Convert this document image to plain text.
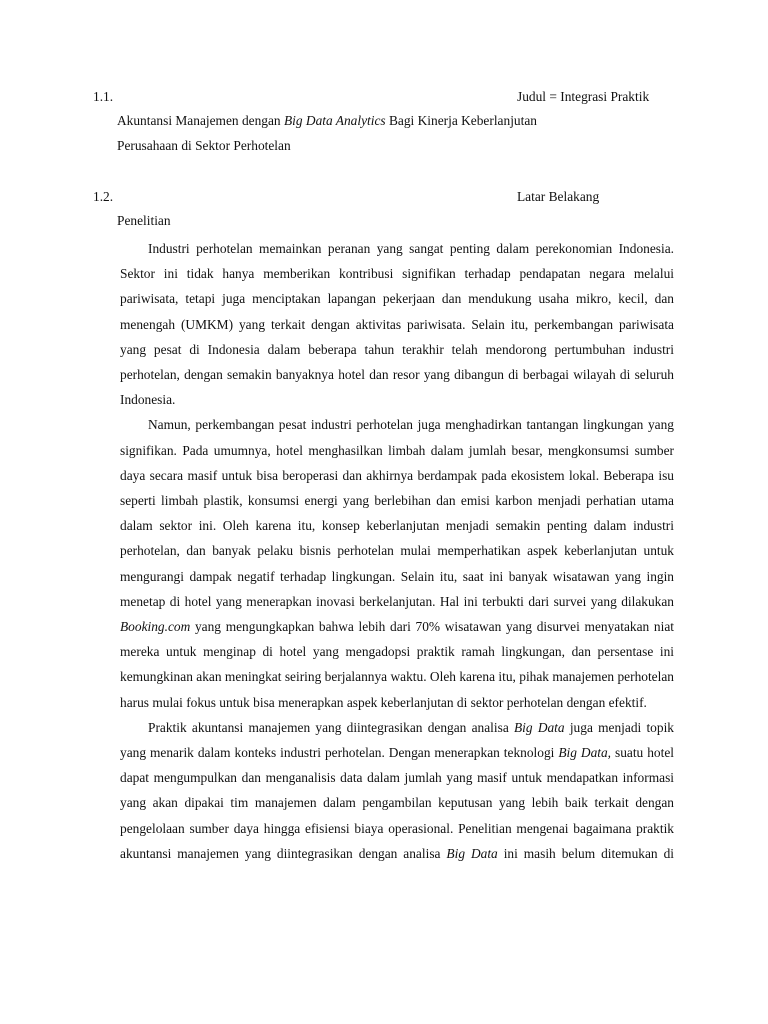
1.1.	Judul = Integrasi Praktik
Akuntansi Manajemen dengan Big Data Analytics Bagi Kinerja Keberlanjutan
Perusahaan di Sektor Perhotelan
1.2.	Latar Belakang
Penelitian

Industri perhotelan memainkan peranan yang sangat penting dalam perekonomian Indonesia. Sektor ini tidak hanya memberikan kontribusi signifikan terhadap pendapatan negara melalui pariwisata, tetapi juga menciptakan lapangan pekerjaan dan mendukung usaha mikro, kecil, dan menengah (UMKM) yang terkait dengan aktivitas pariwisata. Selain itu, perkembangan pariwisata yang pesat di Indonesia dalam beberapa tahun terakhir telah mendorong pertumbuhan industri perhotelan, dengan semakin banyaknya hotel dan resor yang dibangun di berbagai wilayah di seluruh Indonesia.

Namun, perkembangan pesat industri perhotelan juga menghadirkan tantangan lingkungan yang signifikan. Pada umumnya, hotel menghasilkan limbah dalam jumlah besar, mengkonsumsi sumber daya secara masif untuk bisa beroperasi dan akhirnya berdampak pada ekosistem lokal. Beberapa isu seperti limbah plastik, konsumsi energi yang berlebihan dan emisi karbon menjadi perhatian utama dalam sektor ini. Oleh karena itu, konsep keberlanjutan menjadi semakin penting dalam industri perhotelan, dan banyak pelaku bisnis perhotelan mulai memperhatikan aspek keberlanjutan untuk mengurangi dampak negatif terhadap lingkungan. Selain itu, saat ini banyak wisatawan yang ingin menetap di hotel yang menerapkan inovasi berkelanjutan. Hal ini terbukti dari survei yang dilakukan Booking.com yang mengungkapkan bahwa lebih dari 70% wisatawan yang disurvei menyatakan niat mereka untuk menginap di hotel yang mengadopsi praktik ramah lingkungan, dan persentase ini kemungkinan akan meningkat seiring berjalannya waktu. Oleh karena itu, pihak manajemen perhotelan harus mulai fokus untuk bisa menerapkan aspek keberlanjutan di sektor perhotelan dengan efektif.

Praktik akuntansi manajemen yang diintegrasikan dengan analisa Big Data juga menjadi topik yang menarik dalam konteks industri perhotelan. Dengan menerapkan teknologi Big Data, suatu hotel dapat mengumpulkan dan menganalisis data dalam jumlah yang masif untuk mendapatkan informasi yang akan dipakai tim manajemen dalam pengambilan keputusan yang lebih baik terkait dengan pengelolaan sumber daya hingga efisiensi biaya operasional. Penelitian mengenai bagaimana praktik akuntansi manajemen yang diintegrasikan dengan analisa Big Data ini masih belum ditemukan di
